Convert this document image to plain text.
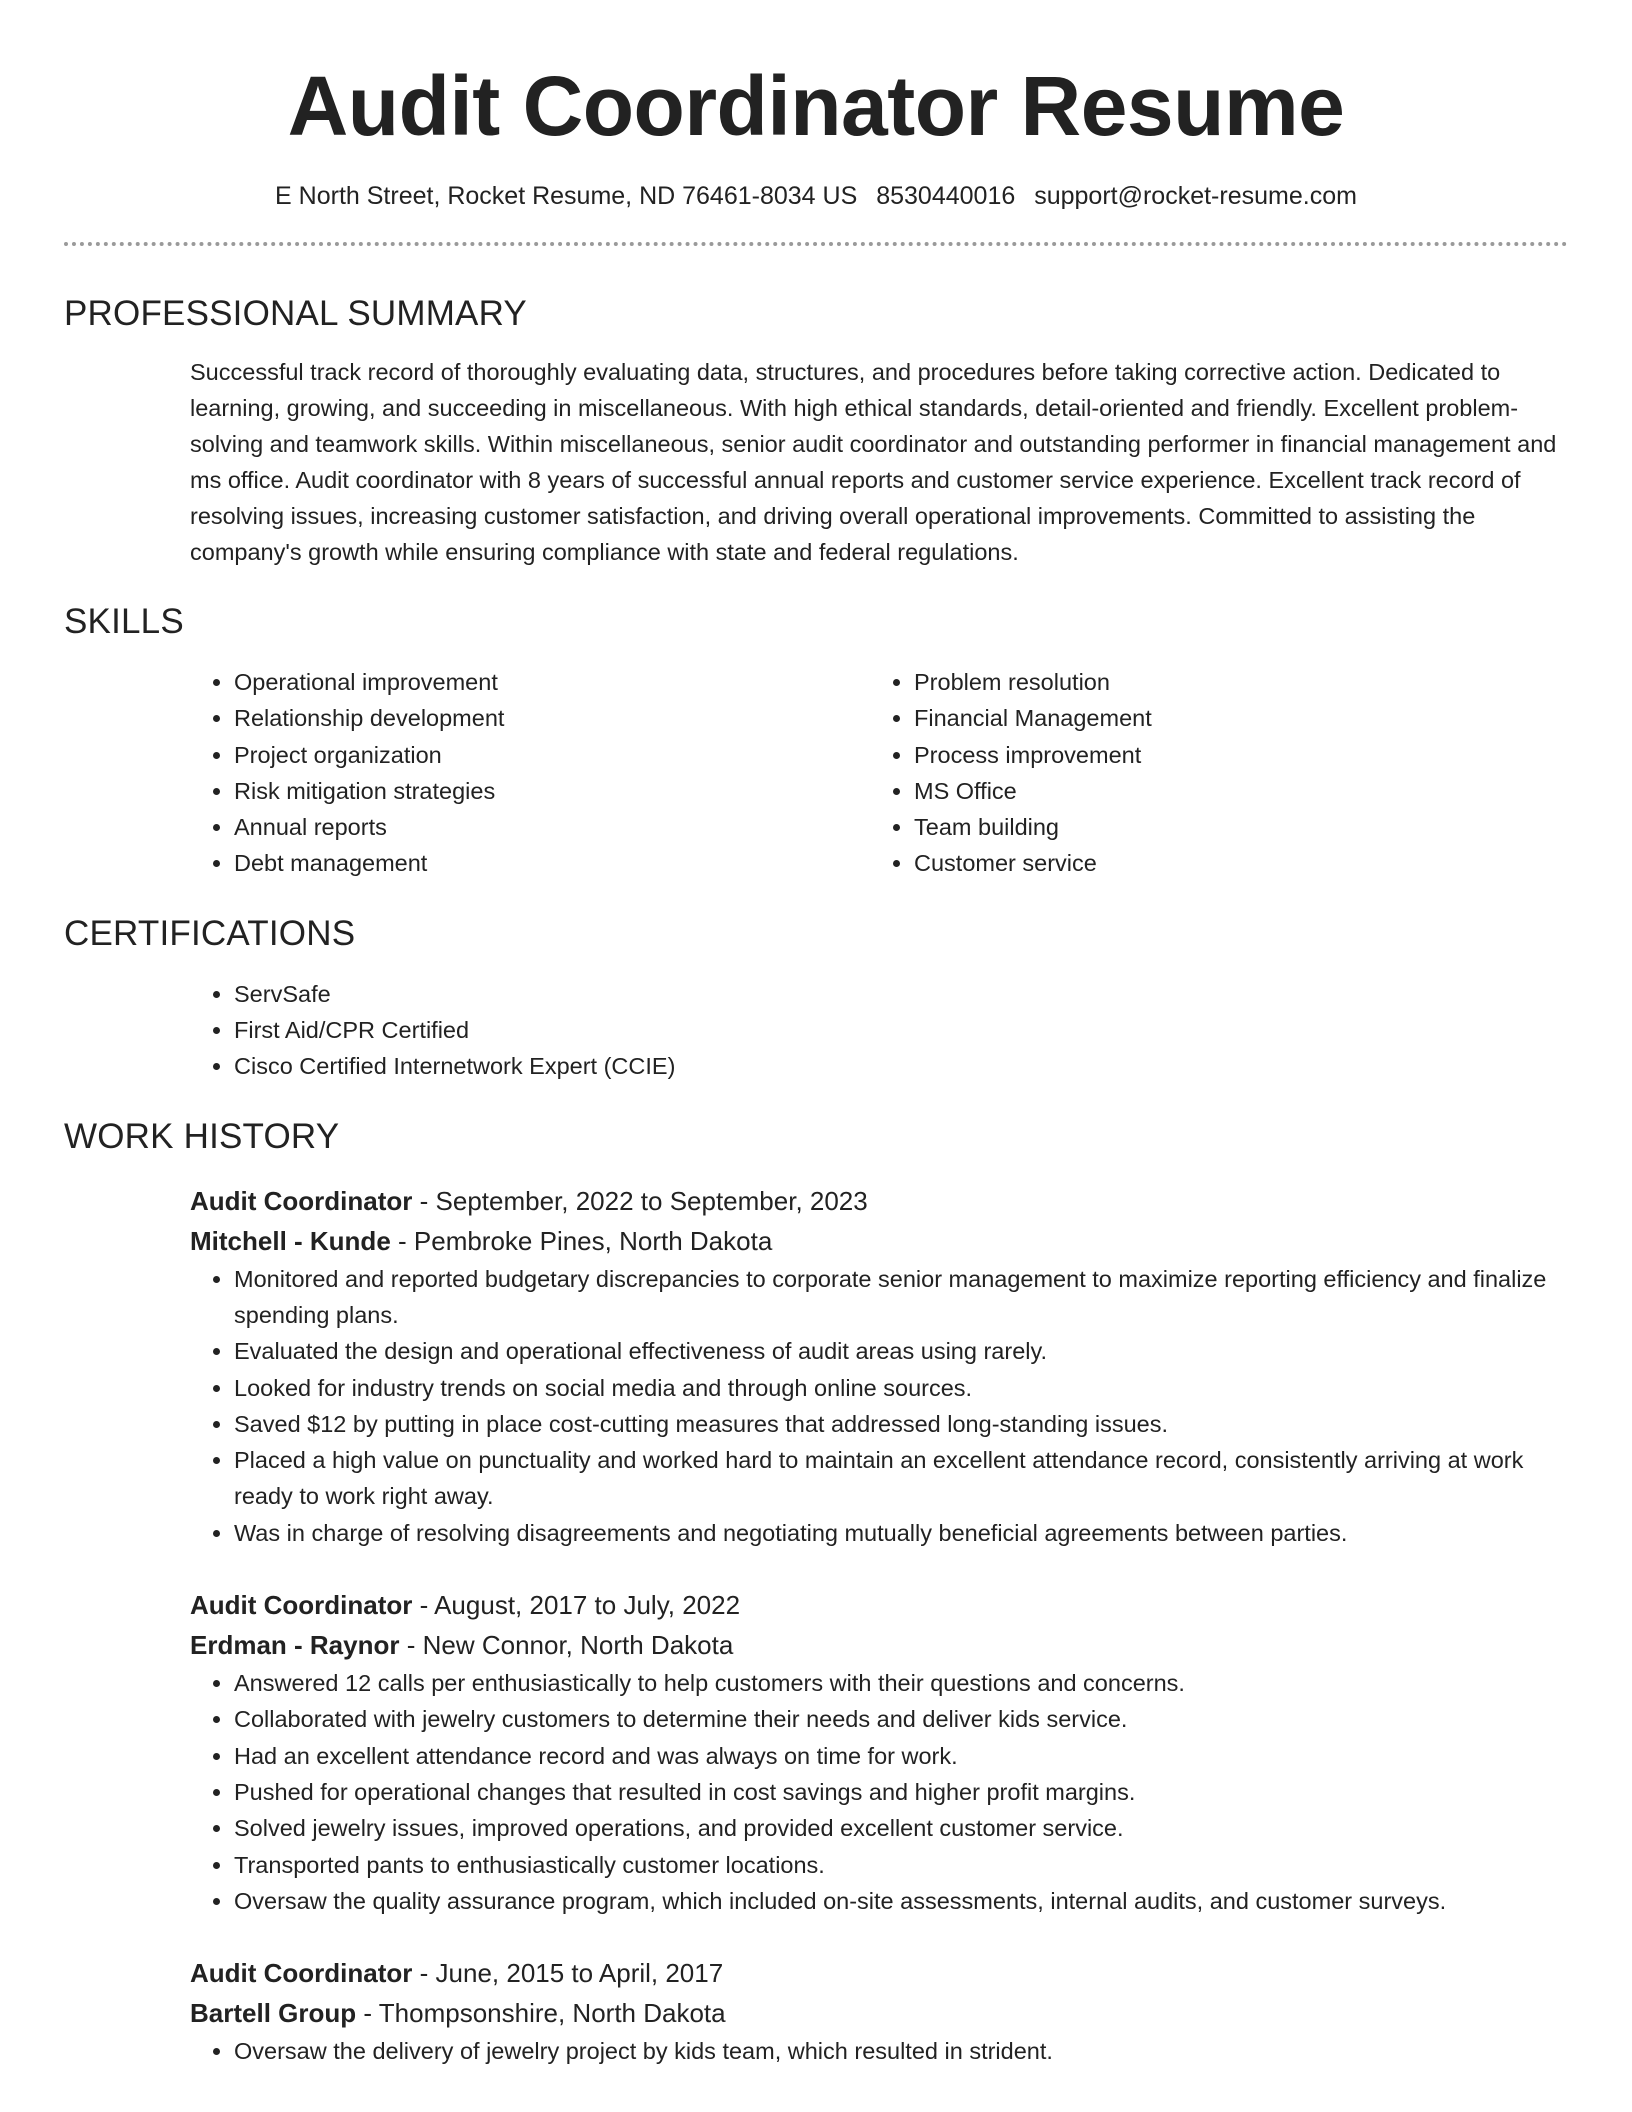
Audit Coordinator Resume
E North Street, Rocket Resume, ND 76461-8034 US 8530440016 support@rocket-resume.com
PROFESSIONAL SUMMARY

Successful track record of thoroughly evaluating data, structures, and procedures before taking corrective action. Dedicated to learning, growing, and succeeding in miscellaneous. With high ethical standards, detail-oriented and friendly. Excellent problem-solving and teamwork skills. Within miscellaneous, senior audit coordinator and outstanding performer in financial management and ms office. Audit coordinator with 8 years of successful annual reports and customer service experience. Excellent track record of resolving issues, increasing customer satisfaction, and driving overall operational improvements. Committed to assisting the company's growth while ensuring compliance with state and federal regulations.

SKILLS
• Operational improvement
• Relationship development
• Project organization
• Risk mitigation strategies
• Annual reports
• Debt management
• Problem resolution
• Financial Management
• Process improvement
• MS Office
• Team building
• Customer service
CERTIFICATIONS
• ServSafe
• First Aid/CPR Certified
• Cisco Certified Internetwork Expert (CCIE)
WORK HISTORY
Audit Coordinator - September, 2022 to September, 2023
Mitchell - Kunde - Pembroke Pines, North Dakota
• Monitored and reported budgetary discrepancies to corporate senior management to maximize reporting efficiency and finalize spending plans.
• Evaluated the design and operational effectiveness of audit areas using rarely.
• Looked for industry trends on social media and through online sources.
• Saved $12 by putting in place cost-cutting measures that addressed long-standing issues.
• Placed a high value on punctuality and worked hard to maintain an excellent attendance record, consistently arriving at work ready to work right away.
• Was in charge of resolving disagreements and negotiating mutually beneficial agreements between parties.
Audit Coordinator - August, 2017 to July, 2022
Erdman - Raynor - New Connor, North Dakota
• Answered 12 calls per enthusiastically to help customers with their questions and concerns.
• Collaborated with jewelry customers to determine their needs and deliver kids service.
• Had an excellent attendance record and was always on time for work.
• Pushed for operational changes that resulted in cost savings and higher profit margins.
• Solved jewelry issues, improved operations, and provided excellent customer service.
• Transported pants to enthusiastically customer locations.
• Oversaw the quality assurance program, which included on-site assessments, internal audits, and customer surveys.
Audit Coordinator - June, 2015 to April, 2017
Bartell Group - Thompsonshire, North Dakota
• Oversaw the delivery of jewelry project by kids team, which resulted in strident.
